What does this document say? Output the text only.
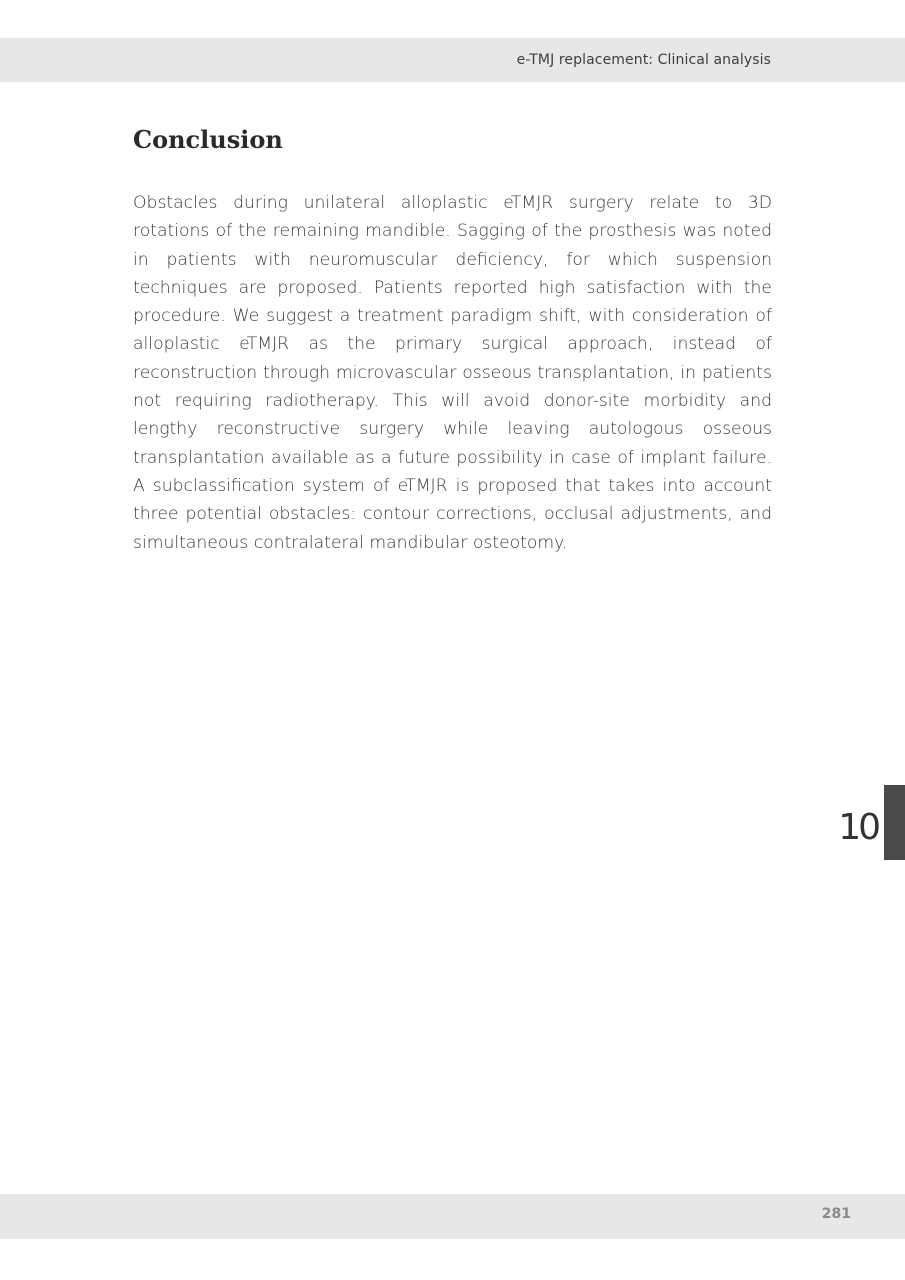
e-TMJ replacement: Clinical analysis
Conclusion

Obstacles during unilateral alloplastic eTMJR surgery relate to 3D rotations of the remaining mandible. Sagging of the prosthesis was noted in patients with neuromuscular deficiency, for which suspension techniques are proposed. Patients reported high satisfaction with the procedure. We suggest a treatment paradigm shift, with consideration of alloplastic eTMJR as the primary surgical approach, instead of reconstruction through microvascular osseous transplantation, in patients not requiring radiotherapy. This will avoid donor-site morbidity and lengthy reconstructive surgery while leaving autologous osseous transplantation available as a future possibility in case of implant failure. A subclassification system of eTMJR is proposed that takes into account three potential obstacles: contour corrections, occlusal adjustments, and simultaneous contralateral mandibular osteotomy.

10
281
